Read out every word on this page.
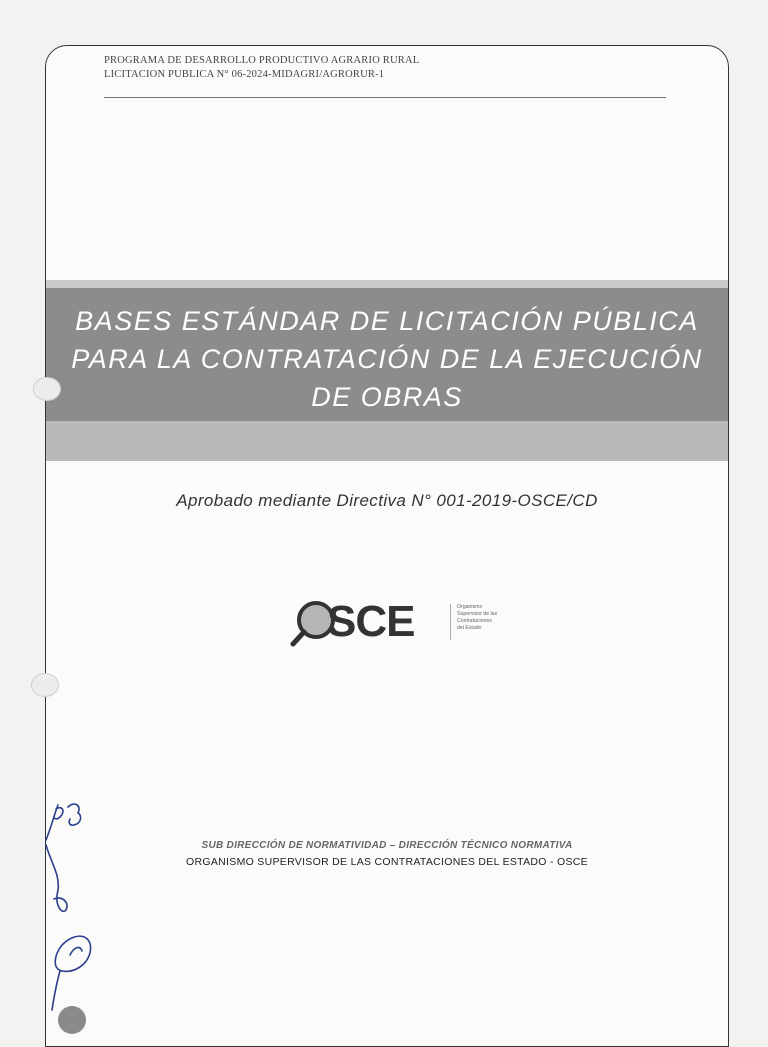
PROGRAMA DE DESARROLLO PRODUCTIVO AGRARIO RURAL
LICITACION PUBLICA N° 06-2024-MIDAGRI/AGRORUR-1
BASES ESTÁNDAR DE LICITACIÓN PÚBLICA
PARA LA CONTRATACIÓN DE LA EJECUCIÓN
DE OBRAS
Aprobado mediante Directiva N° 001-2019-OSCE/CD
SCE	Organismo
Supervisor de las
Contrataciones
del Estado
SUB DIRECCIÓN DE NORMATIVIDAD – DIRECCIÓN TÉCNICO NORMATIVA
ORGANISMO SUPERVISOR DE LAS CONTRATACIONES DEL ESTADO - OSCE
